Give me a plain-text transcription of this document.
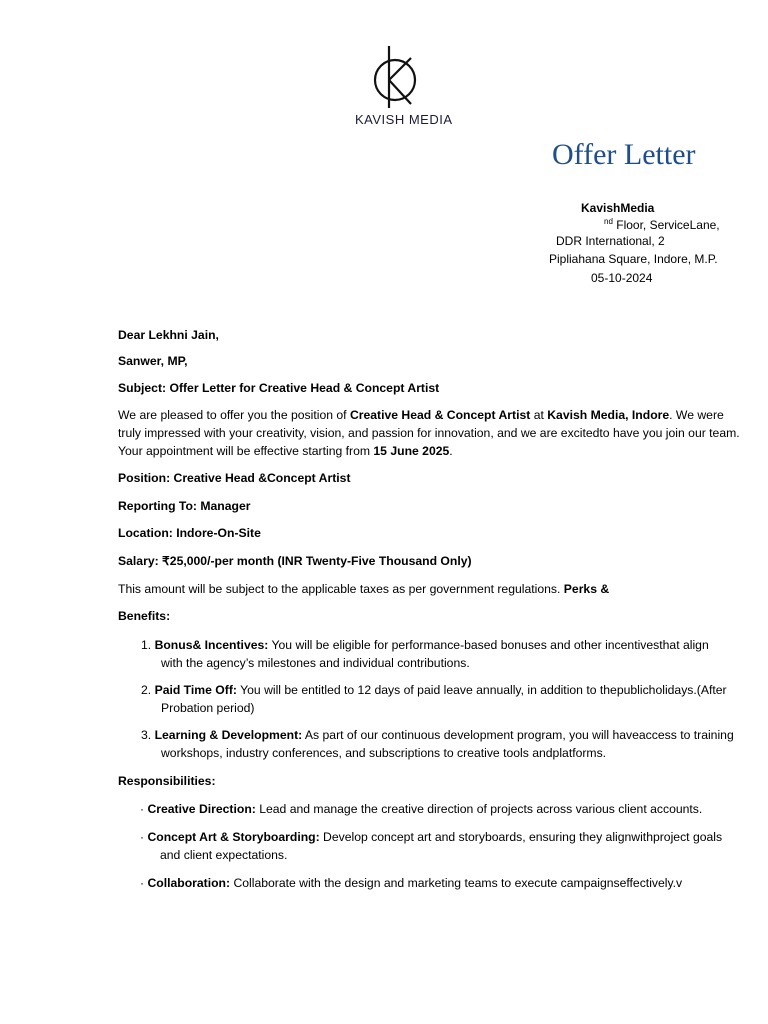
KAVISH MEDIA
Offer Letter
KavishMedia
$^{nd}$ Floor, ServiceLane,
DDR International, 2
Pipliahana Square, Indore, M.P.
05-10-2024
Dear Lekhni Jain,
Sanwer, MP,
Subject: Offer Letter for Creative Head & Concept Artist
We are pleased to offer you the position of Creative Head & Concept Artist at Kavish Media, Indore. We were truly impressed with your creativity, vision, and passion for innovation, and we are excitedto have you join our team. Your appointment will be effective starting from 15 June 2025.
Position: Creative Head &Concept Artist
Reporting To: Manager
Location: Indore-On-Site
Salary: ₹25,000/-per month (INR Twenty-Five Thousand Only)
This amount will be subject to the applicable taxes as per government regulations. Perks &
Benefits:
1. Bonus& Incentives: You will be eligible for performance-based bonuses and other incentivesthat align
with the agency’s milestones and individual contributions.
2. Paid Time Off: You will be entitled to 12 days of paid leave annually, in addition to thepublicholidays.(After
Probation period)
3. Learning & Development: As part of our continuous development program, you will haveaccess to training
workshops, industry conferences, and subscriptions to creative tools andplatforms.
Responsibilities:
· Creative Direction: Lead and manage the creative direction of projects across various client accounts.
· Concept Art & Storyboarding: Develop concept art and storyboards, ensuring they alignwithproject goals
and client expectations.
· Collaboration: Collaborate with the design and marketing teams to execute campaignseffectively.v
